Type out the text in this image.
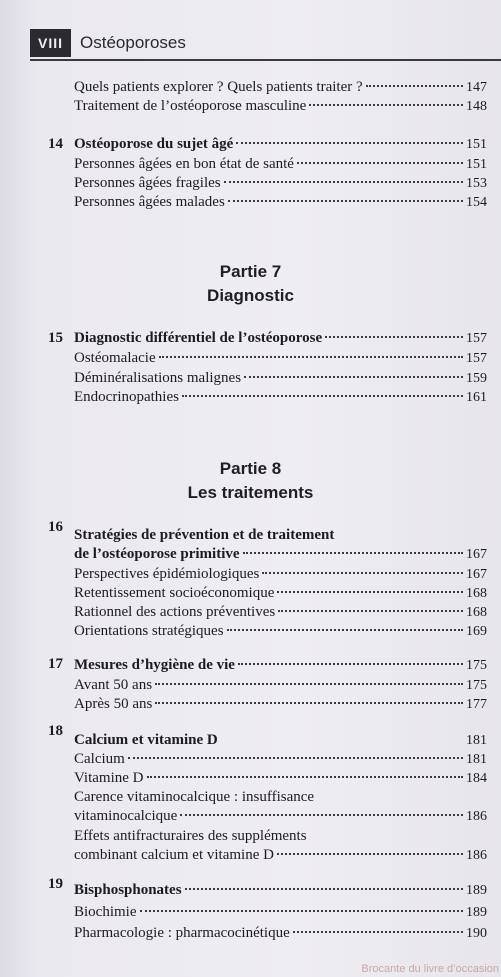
VIII	Ostéoporoses
Quels patients explorer ? Quels patients traiter ?	147
Traitement de l’ostéoporose masculine	148
14 Ostéoporose du sujet âgé	151
Personnes âgées en bon état de santé	151
Personnes âgées fragiles	153
Personnes âgées malades	154
Partie 7
Diagnostic
15 Diagnostic différentiel de l’ostéoporose	157
Ostéomalacie	157
Déminéralisations malignes	159
Endocrinopathies	161
Partie 8
Les traitements
16 Stratégies de prévention et de traitement
de l’ostéoporose primitive	167
Perspectives épidémiologiques	167
Retentissement socioéconomique	168
Rationnel des actions préventives	168
Orientations stratégiques	169
17 Mesures d’hygiène de vie	175
Avant 50 ans	175
Après 50 ans	177
18
Calcium et vitamine D	181
Calcium	181
Vitamine D	184
Carence vitaminocalcique : insuffisance
vitaminocalcique	186
Effets antifracturaires des suppléments
combinant calcium et vitamine D	186
19 Bisphosphonates	189
Biochimie	189
Pharmacologie : pharmacocinétique	190
Brocante du livre d’occasion
